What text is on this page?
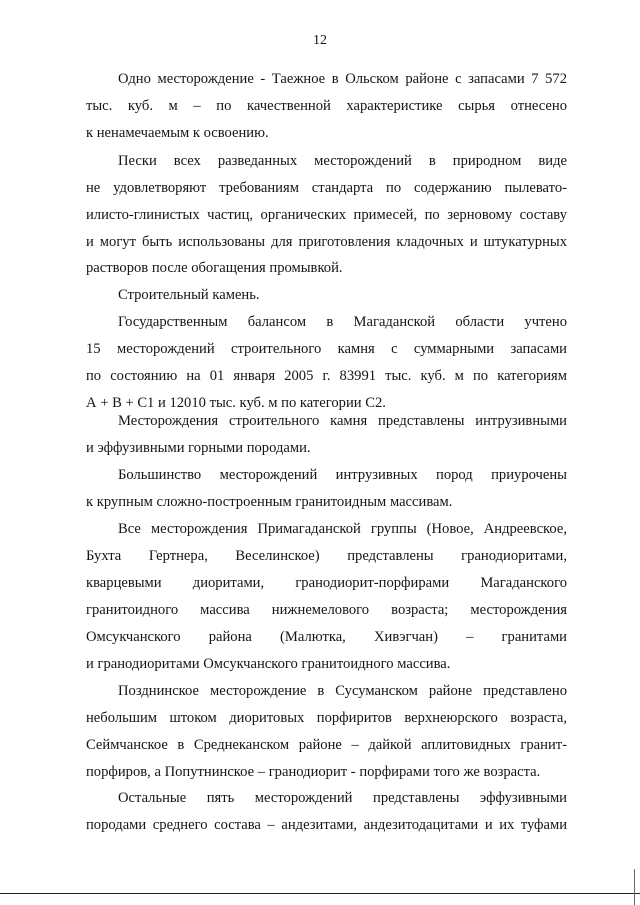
12
Одно месторождение - Таежное в Ольском районе с запасами 7 572
тыс. куб. м – по качественной характеристике сырья отнесено
к ненамечаемым к освоению.
Пески всех разведанных месторождений в природном виде
не удовлетворяют требованиям стандарта по содержанию пылевато-
илисто-глинистых частиц, органических примесей, по зерновому составу
и могут быть использованы для приготовления кладочных и штукатурных
растворов после обогащения промывкой.
Строительный камень.
Государственным балансом в Магаданской области учтено
15 месторождений строительного камня с суммарными запасами
по состоянию на 01 января 2005 г. 83991 тыс. куб. м по категориям
А + В + С1 и 12010 тыс. куб. м по категории С2.
Месторождения строительного камня представлены интрузивными
и эффузивными горными породами.
Большинство месторождений интрузивных пород приурочены
к крупным сложно-построенным гранитоидным массивам.
Все месторождения Примагаданской группы (Новое, Андреевское,
Бухта Гертнера, Веселинское) представлены гранодиоритами,
кварцевыми диоритами, гранодиорит-порфирами Магаданского
гранитоидного массива нижнемелового возраста; месторождения
Омсукчанского района (Малютка, Хивэгчан) – гранитами
и гранодиоритами Омсукчанского гранитоидного массива.
Позднинское месторождение в Сусуманском районе представлено
небольшим штоком диоритовых порфиритов верхнеюрского возраста,
Сеймчанское в Среднеканском районе – дайкой аплитовидных гранит-
порфиров, а Попутнинское – гранодиорит - порфирами того же возраста.
Остальные пять месторождений представлены эффузивными
породами среднего состава – андезитами, андезитодацитами и их туфами
